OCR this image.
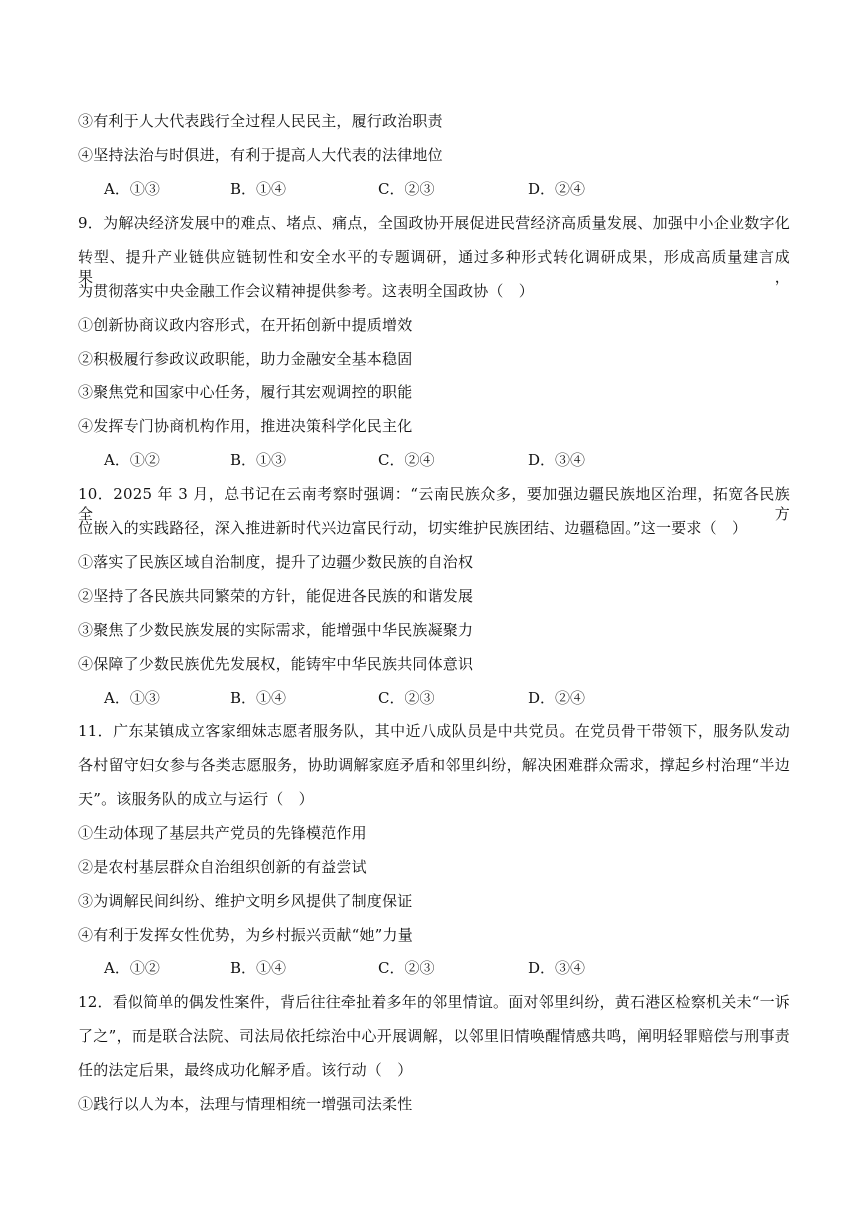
③有利于人大代表践行全过程人民民主，履行政治职责
④坚持法治与时俱进，有利于提高人大代表的法律地位
A．①③	B．①④	C．②③	D．②④
9．为解决经济发展中的难点、堵点、痛点，全国政协开展促进民营经济高质量发展、加强中小企业数字化
转型、提升产业链供应链韧性和安全水平的专题调研，通过多种形式转化调研成果，形成高质量建言成果，
为贯彻落实中央金融工作会议精神提供参考。这表明全国政协（　）
①创新协商议政内容形式，在开拓创新中提质增效
②积极履行参政议政职能，助力金融安全基本稳固
③聚焦党和国家中心任务，履行其宏观调控的职能
④发挥专门协商机构作用，推进决策科学化民主化
A．①②	B．①③	C．②④	D．③④
10．2025 年 3 月，总书记在云南考察时强调：“云南民族众多，要加强边疆民族地区治理，拓宽各民族全方
位嵌入的实践路径，深入推进新时代兴边富民行动，切实维护民族团结、边疆稳固。”这一要求（　）
①落实了民族区域自治制度，提升了边疆少数民族的自治权
②坚持了各民族共同繁荣的方针，能促进各民族的和谐发展
③聚焦了少数民族发展的实际需求，能增强中华民族凝聚力
④保障了少数民族优先发展权，能铸牢中华民族共同体意识
A．①③	B．①④	C．②③	D．②④
11．广东某镇成立客家细妹志愿者服务队，其中近八成队员是中共党员。在党员骨干带领下，服务队发动
各村留守妇女参与各类志愿服务，协助调解家庭矛盾和邻里纠纷，解决困难群众需求，撑起乡村治理“半边
天”。该服务队的成立与运行（　）
①生动体现了基层共产党员的先锋模范作用
②是农村基层群众自治组织创新的有益尝试
③为调解民间纠纷、维护文明乡风提供了制度保证
④有利于发挥女性优势，为乡村振兴贡献“她”力量
A．①②	B．①④	C．②③	D．③④
12．看似简单的偶发性案件，背后往往牵扯着多年的邻里情谊。面对邻里纠纷，黄石港区检察机关未“一诉
了之”，而是联合法院、司法局依托综治中心开展调解，以邻里旧情唤醒情感共鸣，阐明轻罪赔偿与刑事责
任的法定后果，最终成功化解矛盾。该行动（　）
①践行以人为本，法理与情理相统一增强司法柔性
